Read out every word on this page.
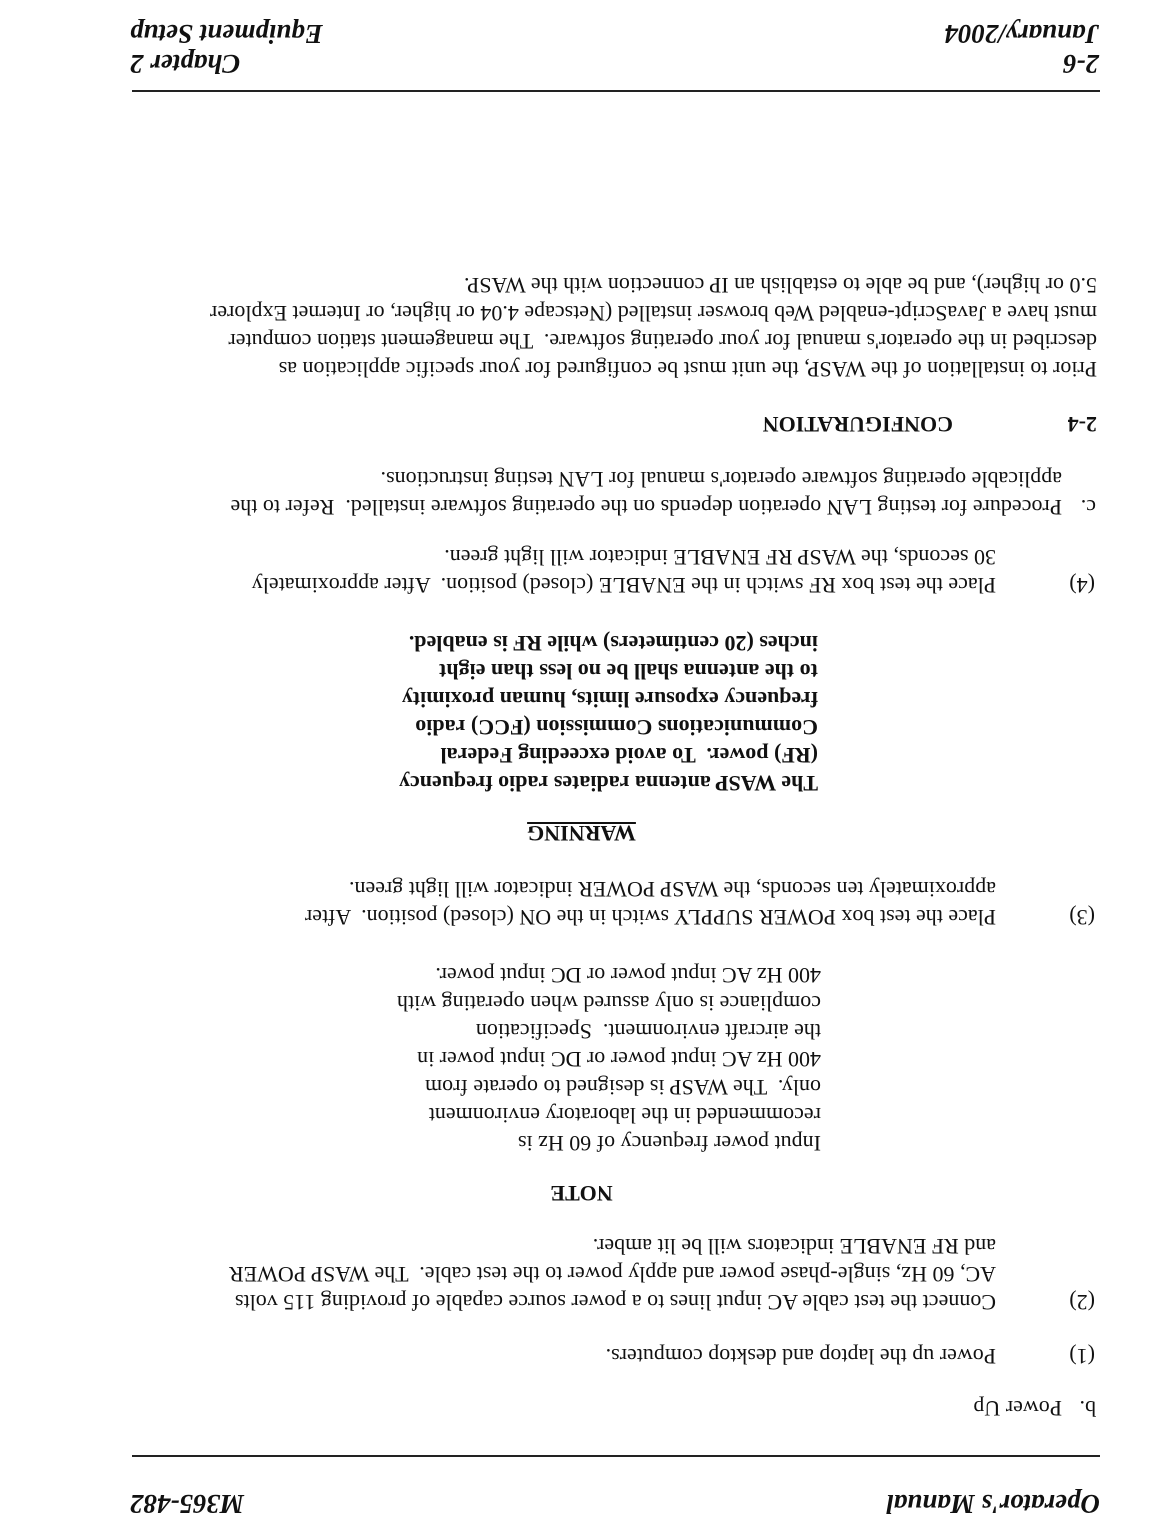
Operator's Manual
M365-482
b.
Power Up
(1)
Power up the laptop and desktop computers.
(2)
Connect the test cable AC input lines to a power source capable of providing 115 volts
AC, 60 Hz, single-phase power and apply power to the test cable.  The WASP POWER
and RF ENABLE indicators will be lit amber.
NOTE
Input power frequency of 60 Hz is
recommended in the laboratory environment
only.  The WASP is designed to operate from
400 Hz AC input power or DC input power in
the aircraft environment.  Specification
compliance is only assured when operating with
400 Hz AC input power or DC input power.
(3)
Place the test box POWER SUPPLY switch in the ON (closed) position.  After
approximately ten seconds, the WASP POWER indicator will light green.
WARNING
The WASP antenna radiates radio frequency
(RF) power.  To avoid exceeding Federal
Communications Commission (FCC) radio
frequency exposure limits, human proximity
to the antenna shall be no less than eight
inches (20 centimeters) while RF is enabled.
(4)
Place the test box RF switch in the ENABLE (closed) position.  After approximately
30 seconds, the WASP RF ENABLE indicator will light green.
c.
Procedure for testing LAN operation depends on the operating software installed.  Refer to the
applicable operating software operator's manual for LAN testing instructions.
2-4
CONFIGURATION
Prior to installation of the WASP, the unit must be configured for your specific application as
described in the operator's manual for your operating software.  The management station computer
must have a JavaScript-enabled Web browser installed (Netscape 4.04 or higher, or Internet Explorer
5.0 or higher), and be able to establish an IP connection with the WASP.
2-6
January/2004
Chapter 2
Equipment Setup
